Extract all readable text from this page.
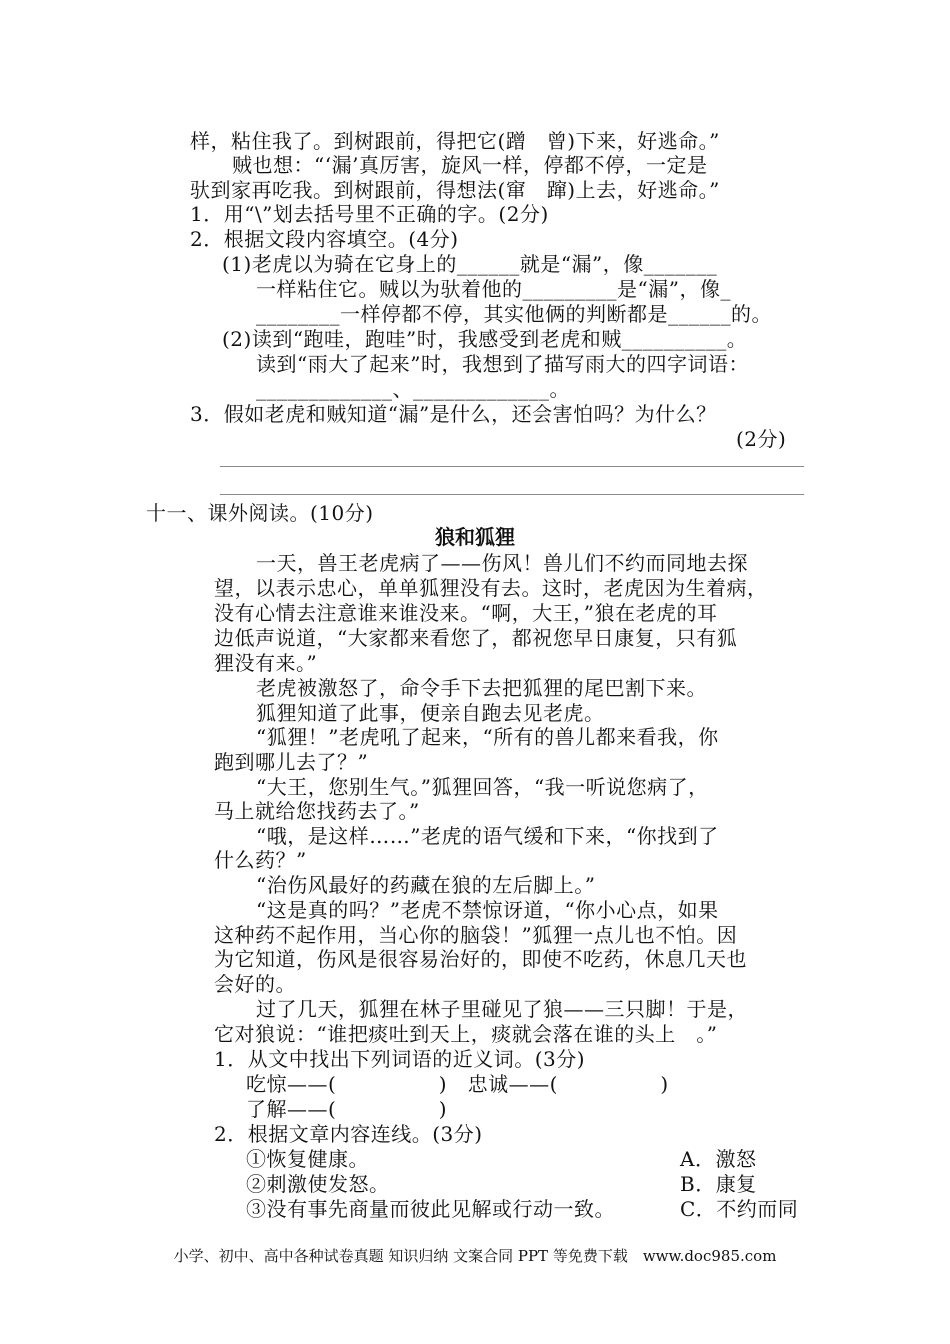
样，粘住我了。到树跟前，得把它(蹭　曾)下来，好逃命。”
贼也想：“‘漏’真厉害，旋风一样，停都不停，一定是
驮到家再吃我。到树跟前，得想法(窜　蹿)上去，好逃命。”
1．用“\”划去括号里不正确的字。(2分)
2．根据文段内容填空。(4分)
(1)老虎以为骑在它身上的______就是“漏”，像_______
一样粘住它。贼以为驮着他的_________是“漏”，像_
________一样停都不停，其实他俩的判断都是______的。
(2)读到“跑哇，跑哇”时，我感受到老虎和贼__________。
读到“雨大了起来”时，我想到了描写雨大的四字词语：
_____________、_____________。
3．假如老虎和贼知道“漏”是什么，还会害怕吗？为什么？
(2分)
十一、课外阅读。(10分)
狼和狐狸
一天，兽王老虎病了——伤风！兽儿们不约而同地去探
望，以表示忠心，单单狐狸没有去。这时，老虎因为生着病，
没有心情去注意谁来谁没来。“啊，大王，”狼在老虎的耳
边低声说道，“大家都来看您了，都祝您早日康复，只有狐
狸没有来。”
老虎被激怒了，命令手下去把狐狸的尾巴割下来。
狐狸知道了此事，便亲自跑去见老虎。
“狐狸！”老虎吼了起来，“所有的兽儿都来看我，你
跑到哪儿去了？”
“大王，您别生气。”狐狸回答，“我一听说您病了，
马上就给您找药去了。”
“哦，是这样……”老虎的语气缓和下来，“你找到了
什么药？”
“治伤风最好的药藏在狼的左后脚上。”
“这是真的吗？”老虎不禁惊讶道，“你小心点，如果
这种药不起作用，当心你的脑袋！”狐狸一点儿也不怕。因
为它知道，伤风是很容易治好的，即使不吃药，休息几天也
会好的。
过了几天，狐狸在林子里碰见了狼——三只脚！于是，
它对狼说：“谁把痰吐到天上，痰就会落在谁的头上　。”
1．从文中找出下列词语的近义词。(3分)
吃惊——(　　　　　)　忠诚——(　　　　　)
了解——(　　　　　)
2．根据文章内容连线。(3分)
①恢复健康。	A．激怒
②刺激使发怒。	B．康复
③没有事先商量而彼此见解或行动一致。	C．不约而同
小学、初中、高中各种试卷真题 知识归纳 文案合同 PPT 等免费下载　www.doc985.com
